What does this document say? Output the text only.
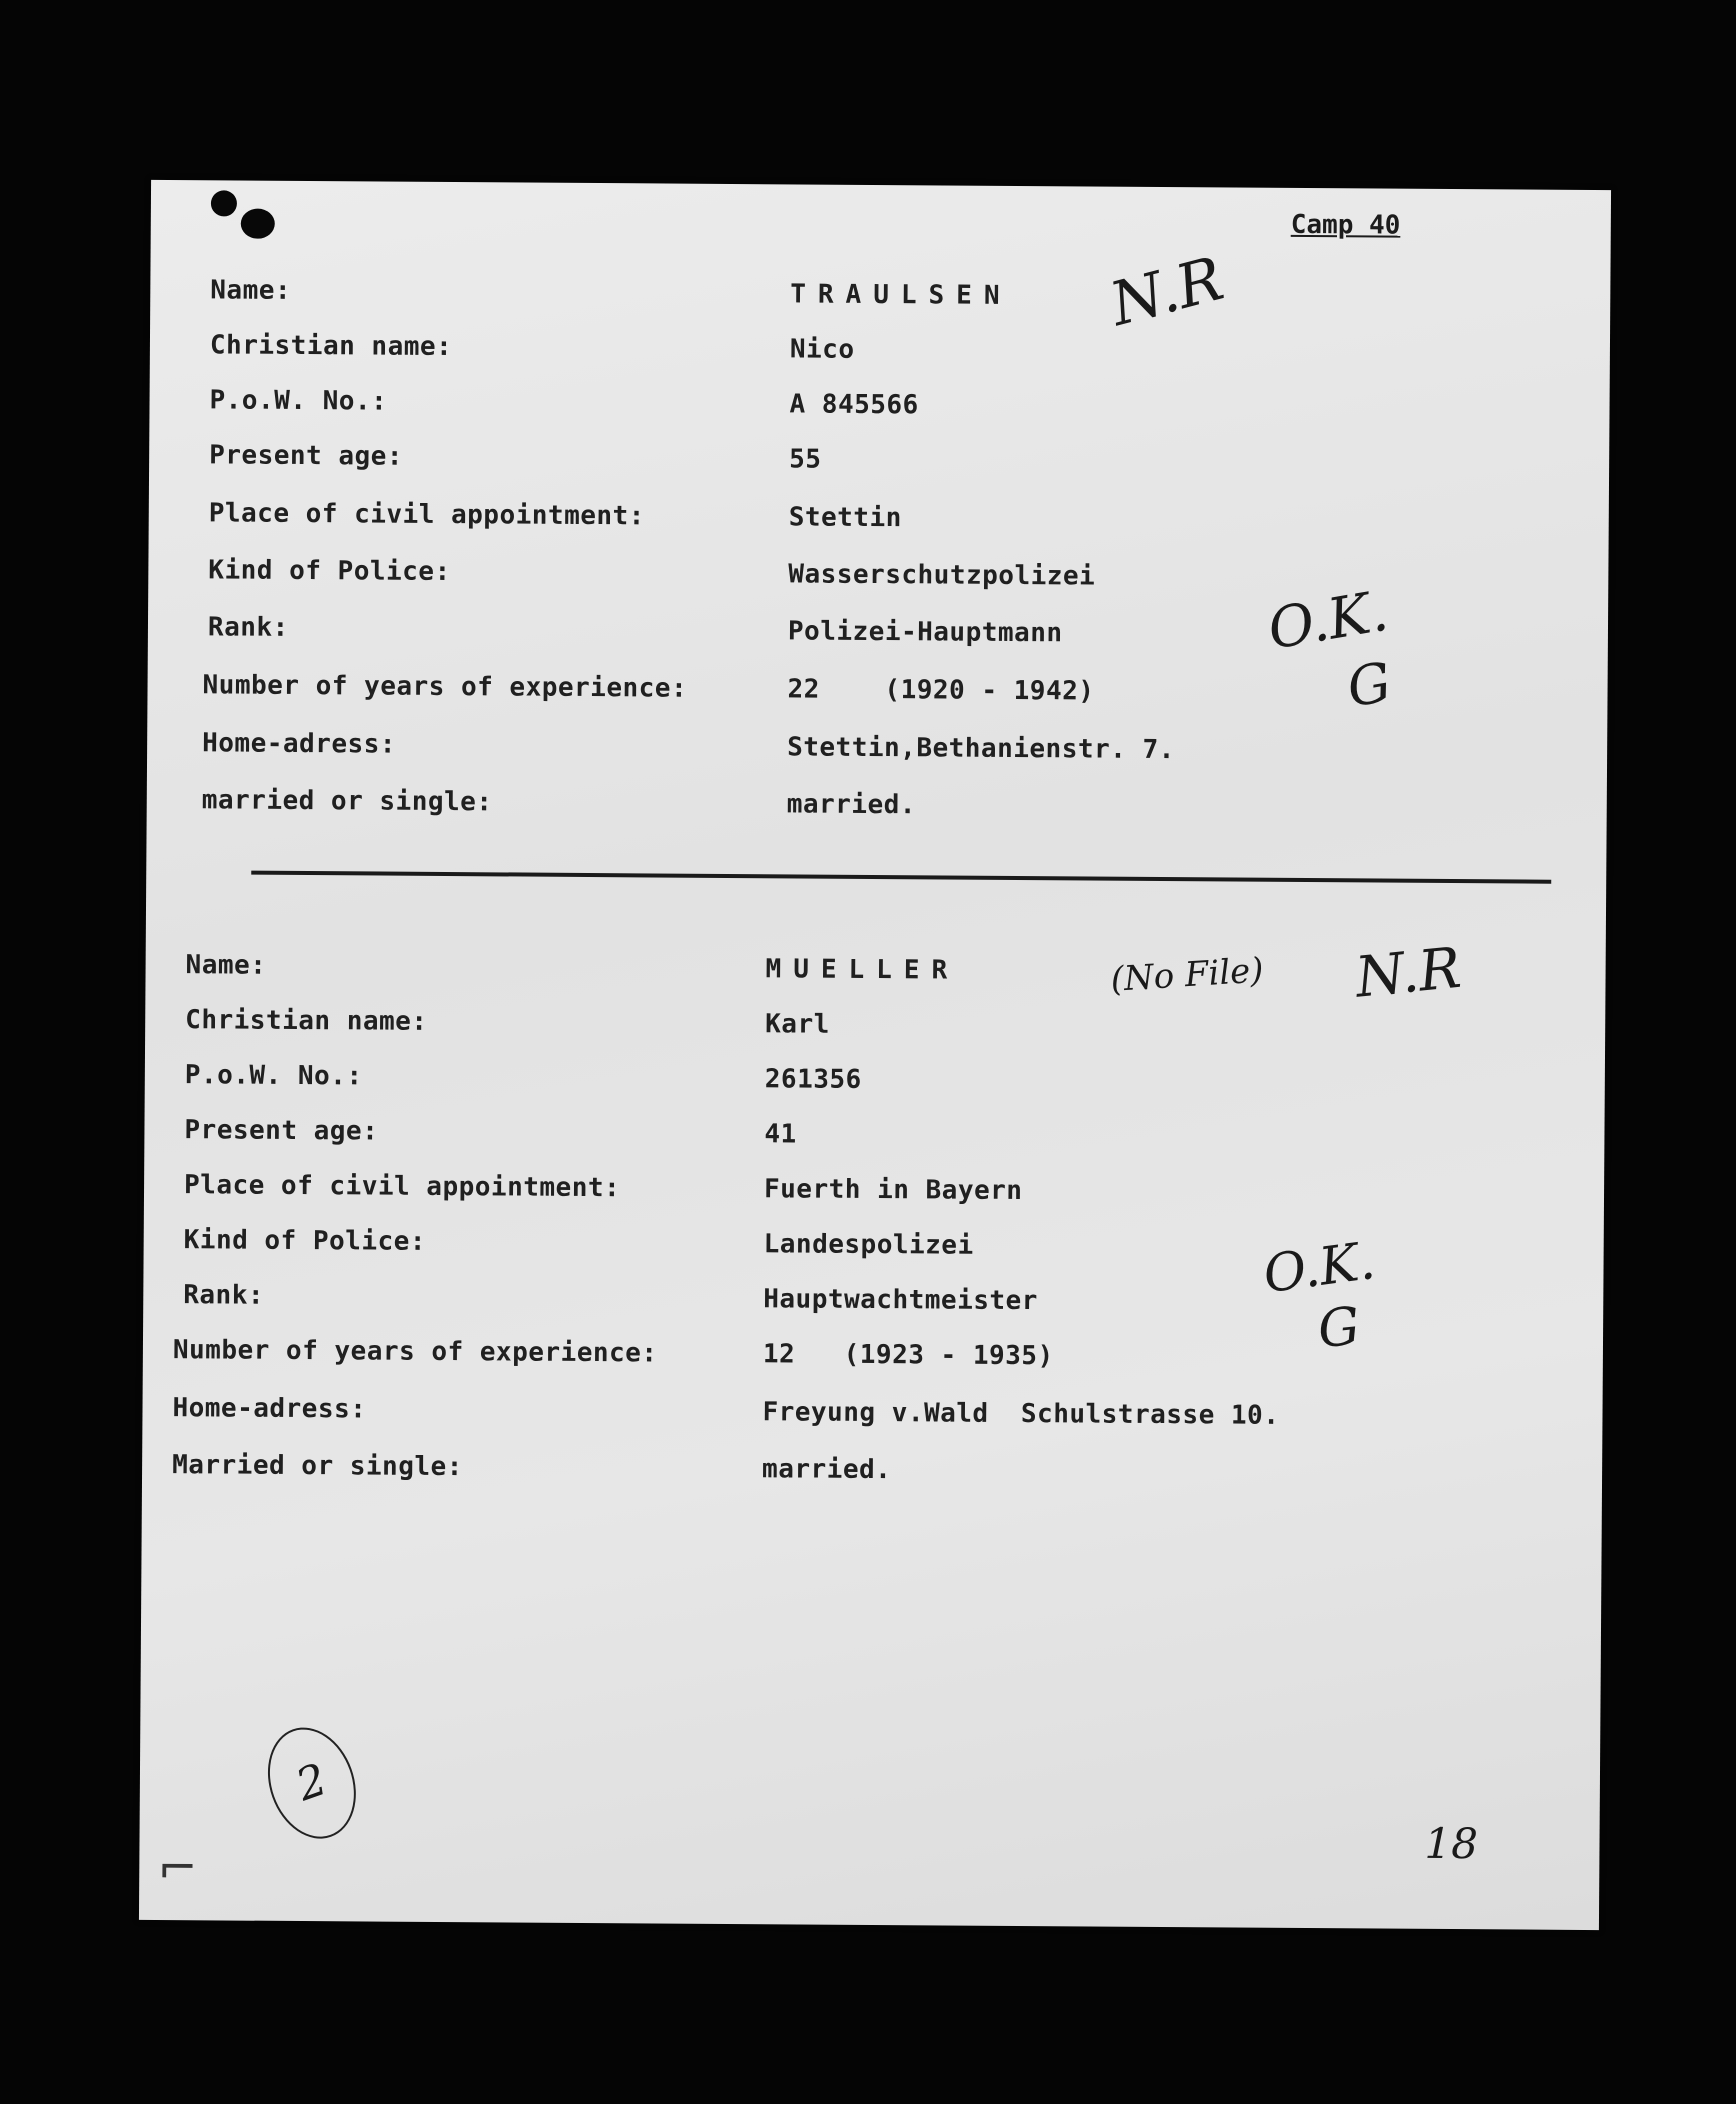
Camp 40
Name:	TRAULSEN
Christian name:	Nico
P.o.W. No.:	A 845566
Present age:	55
Place of civil appointment:	Stettin
Kind of Police:	Wasserschutzpolizei
Rank:	Polizei-Hauptmann
Number of years of experience:	22    (1920 - 1942)
Home-adress:	Stettin,Bethanienstr. 7.
married or single:	married.
N.R
O.K.
G
Name:	MUELLER
Christian name:	Karl
P.o.W. No.:	261356
Present age:	41
Place of civil appointment:	Fuerth in Bayern
Kind of Police:	Landespolizei
Rank:	Hauptwachtmeister
Number of years of experience:	12   (1923 - 1935)
Home-adress:	Freyung v.Wald  Schulstrasse 10.
Married or single:	married.
(No File) N.R
O.K.
G
2
⌐	18
